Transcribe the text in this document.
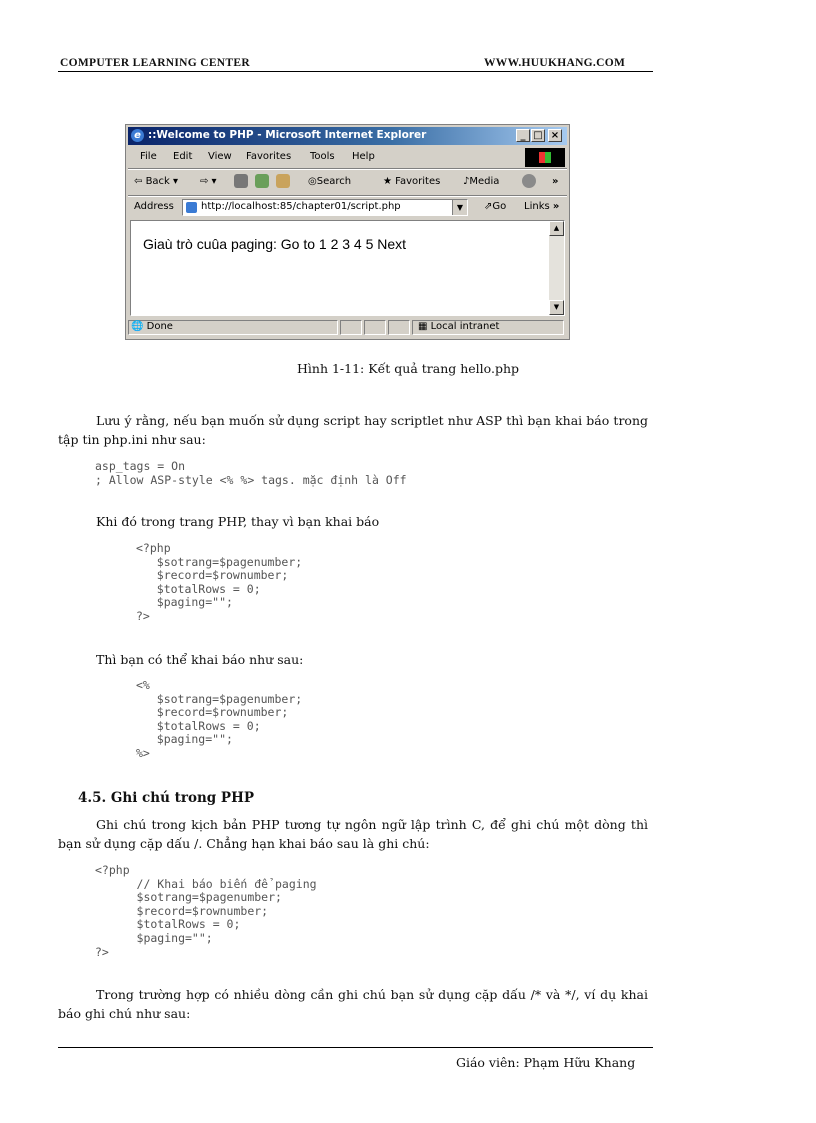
COMPUTER LEARNING CENTER	WWW.HUUKHANG.COM
e ::Welcome to PHP - Microsoft Internet Explorer	_ □ ×
File Edit View Favorites Tools Help
⇦ Back ▾ ⇨ ▾	◎Search	★ Favorites ♪Media	»
Address	http://localhost:85/chapter01/script.php	▼	⇗Go Links »
Giaù trò cuûa paging: Go to 1 2 3 4 5 Next
▲
▼
🌐 Done	▦ Local intranet
Hình 1-11: Kết quả trang hello.php
Lưu ý rằng, nếu bạn muốn sử dụng script hay scriptlet như ASP thì bạn khai báo trong tập tin php.ini như sau:
asp_tags = On
; Allow ASP-style <% %> tags. mặc định là Off
Khi đó trong trang PHP, thay vì bạn khai báo
<?php
$sotrang=$pagenumber;
$record=$rownumber;
$totalRows = 0;
$paging="";
?>
Thì bạn có thể khai báo như sau:
<%
$sotrang=$pagenumber;
$record=$rownumber;
$totalRows = 0;
$paging="";
%>
4.5. Ghi chú trong PHP
Ghi chú trong kịch bản PHP tương tự ngôn ngữ lập trình C, để ghi chú một dòng thì bạn sử dụng cặp dấu /. Chẳng hạn khai báo sau là ghi chú:
<?php
// Khai báo biến để paging
$sotrang=$pagenumber;
$record=$rownumber;
$totalRows = 0;
$paging="";
?>
Trong trường hợp có nhiều dòng cần ghi chú bạn sử dụng cặp dấu /* và */, ví dụ khai báo ghi chú như sau:
Giáo viên: Phạm Hữu Khang
